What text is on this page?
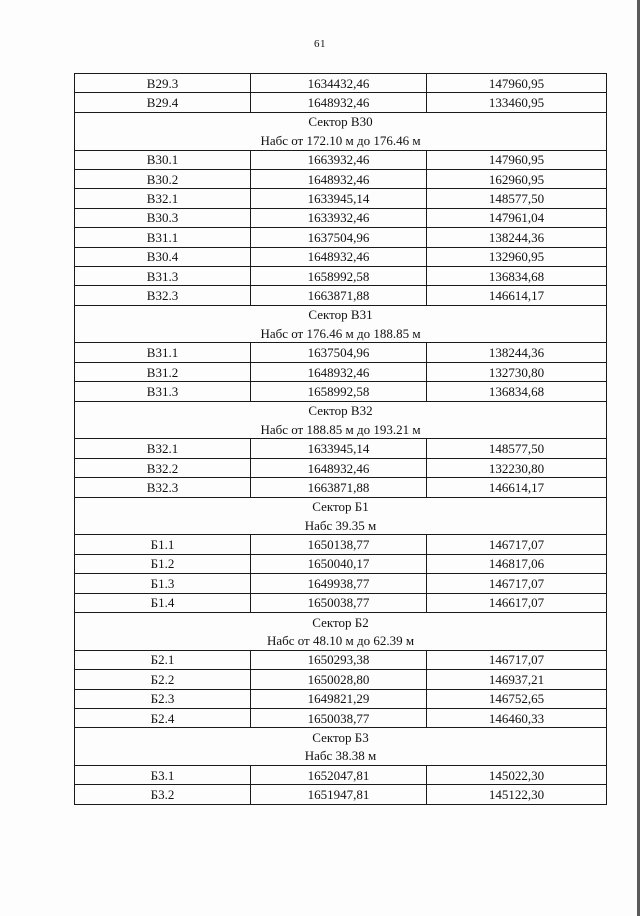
61
В29.3	1634432,46	147960,95
В29.4	1648932,46	133460,95
Сектор В30		
Набс от 172.10 м до 176.46 м		
В30.1	1663932,46	147960,95
В30.2	1648932,46	162960,95
В32.1	1633945,14	148577,50
В30.3	1633932,46	147961,04
В31.1	1637504,96	138244,36
В30.4	1648932,46	132960,95
В31.3	1658992,58	136834,68
В32.3	1663871,88	146614,17
Сектор В31		
Набс от 176.46 м до 188.85 м		
В31.1	1637504,96	138244,36
В31.2	1648932,46	132730,80
В31.3	1658992,58	136834,68
Сектор В32		
Набс от 188.85 м до 193.21 м		
В32.1	1633945,14	148577,50
В32.2	1648932,46	132230,80
В32.3	1663871,88	146614,17
Сектор Б1		
Набс 39.35 м		
Б1.1	1650138,77	146717,07
Б1.2	1650040,17	146817,06
Б1.3	1649938,77	146717,07
Б1.4	1650038,77	146617,07
Сектор Б2		
Набс от 48.10 м до 62.39 м		
Б2.1	1650293,38	146717,07
Б2.2	1650028,80	146937,21
Б2.3	1649821,29	146752,65
Б2.4	1650038,77	146460,33
Сектор Б3		
Набс 38.38 м		
Б3.1	1652047,81	145022,30
Б3.2	1651947,81	145122,30
